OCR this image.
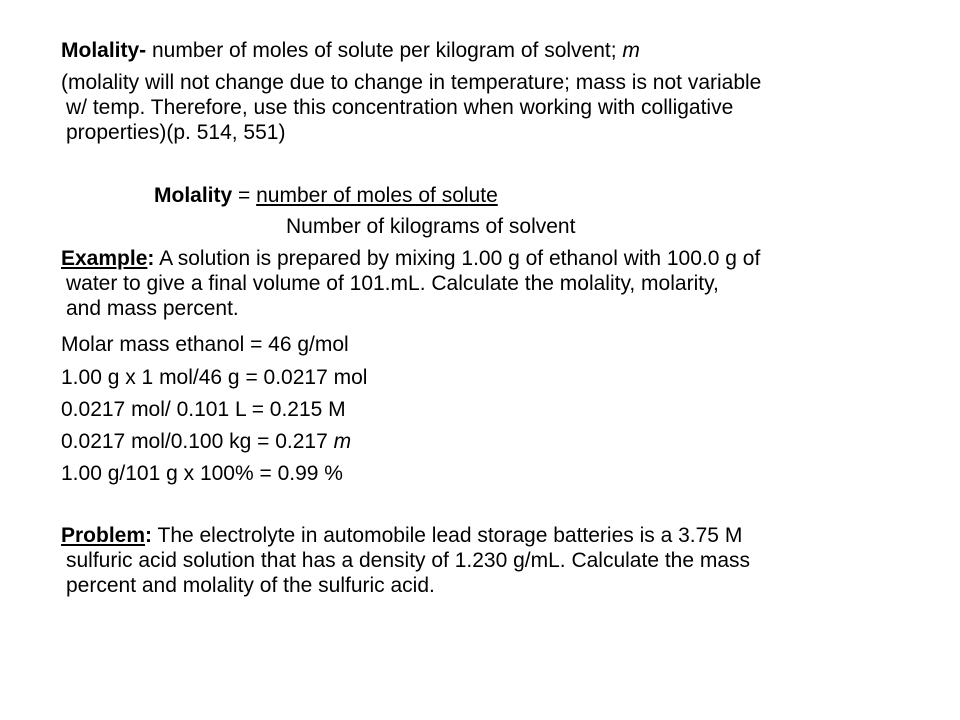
Molality- number of moles of solute per kilogram of solvent; m
(molality will not change due to change in temperature; mass is not variable
w/ temp. Therefore, use this concentration when working with colligative
properties)(p. 514, 551)
Molality = number of moles of solute
Number of kilograms of solvent
Example: A solution is prepared by mixing 1.00 g of ethanol with 100.0 g of
water to give a final volume of 101.mL. Calculate the molality, molarity,
and mass percent.
Molar mass ethanol = 46 g/mol
1.00 g x 1 mol/46 g = 0.0217 mol
0.0217 mol/ 0.101 L = 0.215 M
0.0217 mol/0.100 kg = 0.217 m
1.00 g/101 g x 100% = 0.99 %
Problem: The electrolyte in automobile lead storage batteries is a 3.75 M
sulfuric acid solution that has a density of 1.230 g/mL. Calculate the mass
percent and molality of the sulfuric acid.
